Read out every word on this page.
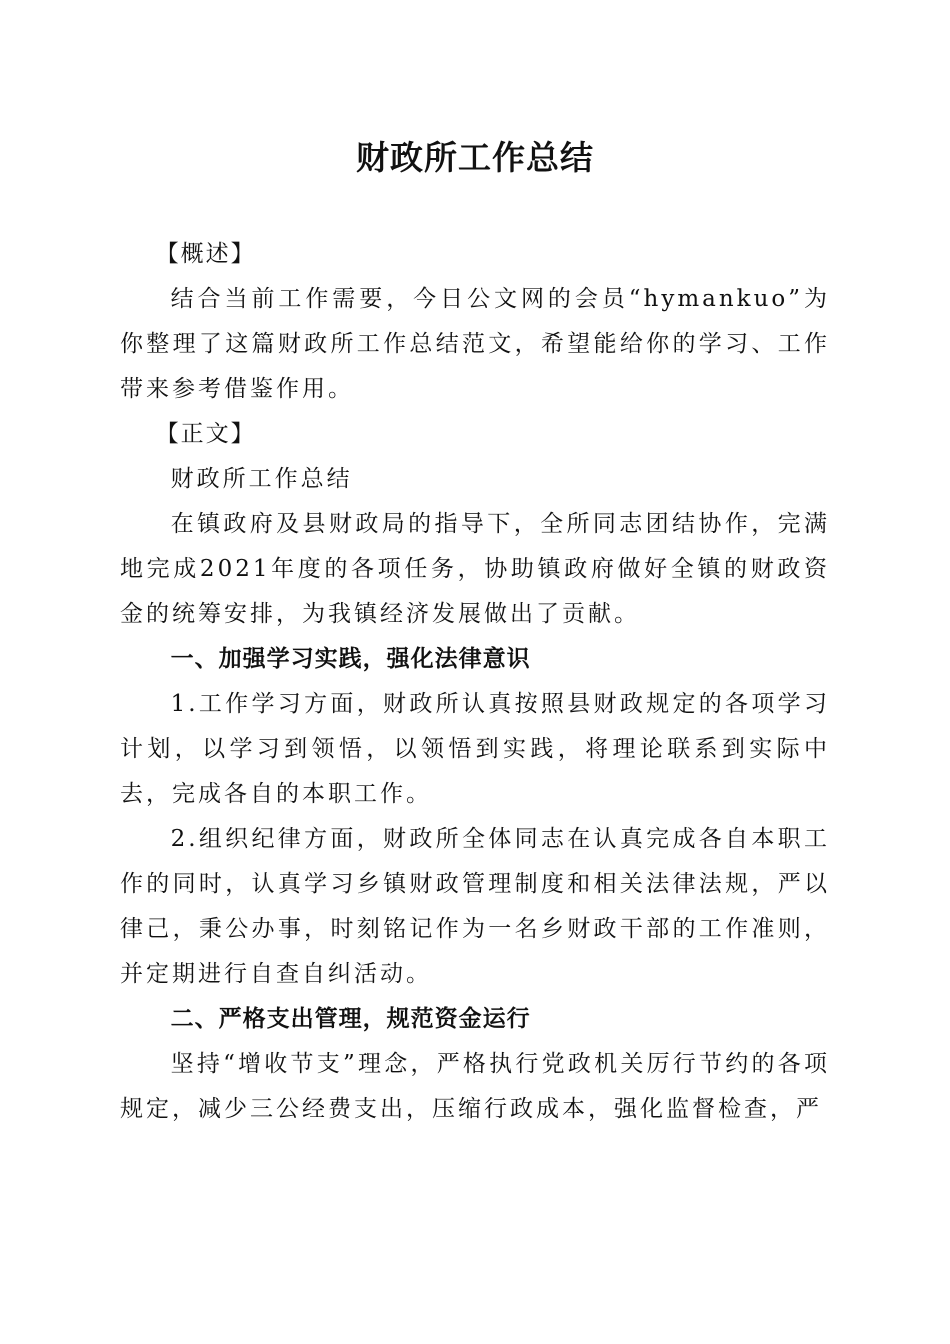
财政所工作总结

【概述】

结合当前工作需要，今日公文网的会员“hymankuo”为你整理了这篇财政所工作总结范文，希望能给你的学习、工作带来参考借鉴作用。

【正文】

财政所工作总结

在镇政府及县财政局的指导下，全所同志团结协作，完满地完成2021年度的各项任务，协助镇政府做好全镇的财政资金的统筹安排，为我镇经济发展做出了贡献。

一、加强学习实践，强化法律意识

1.工作学习方面，财政所认真按照县财政规定的各项学习计划，以学习到领悟，以领悟到实践，将理论联系到实际中去，完成各自的本职工作。

2.组织纪律方面，财政所全体同志在认真完成各自本职工作的同时，认真学习乡镇财政管理制度和相关法律法规，严以律己，秉公办事，时刻铭记作为一名乡财政干部的工作准则，并定期进行自查自纠活动。

二、严格支出管理，规范资金运行

坚持“增收节支”理念，严格执行党政机关厉行节约的各项规定，减少三公经费支出，压缩行政成本，强化监督检查，严
